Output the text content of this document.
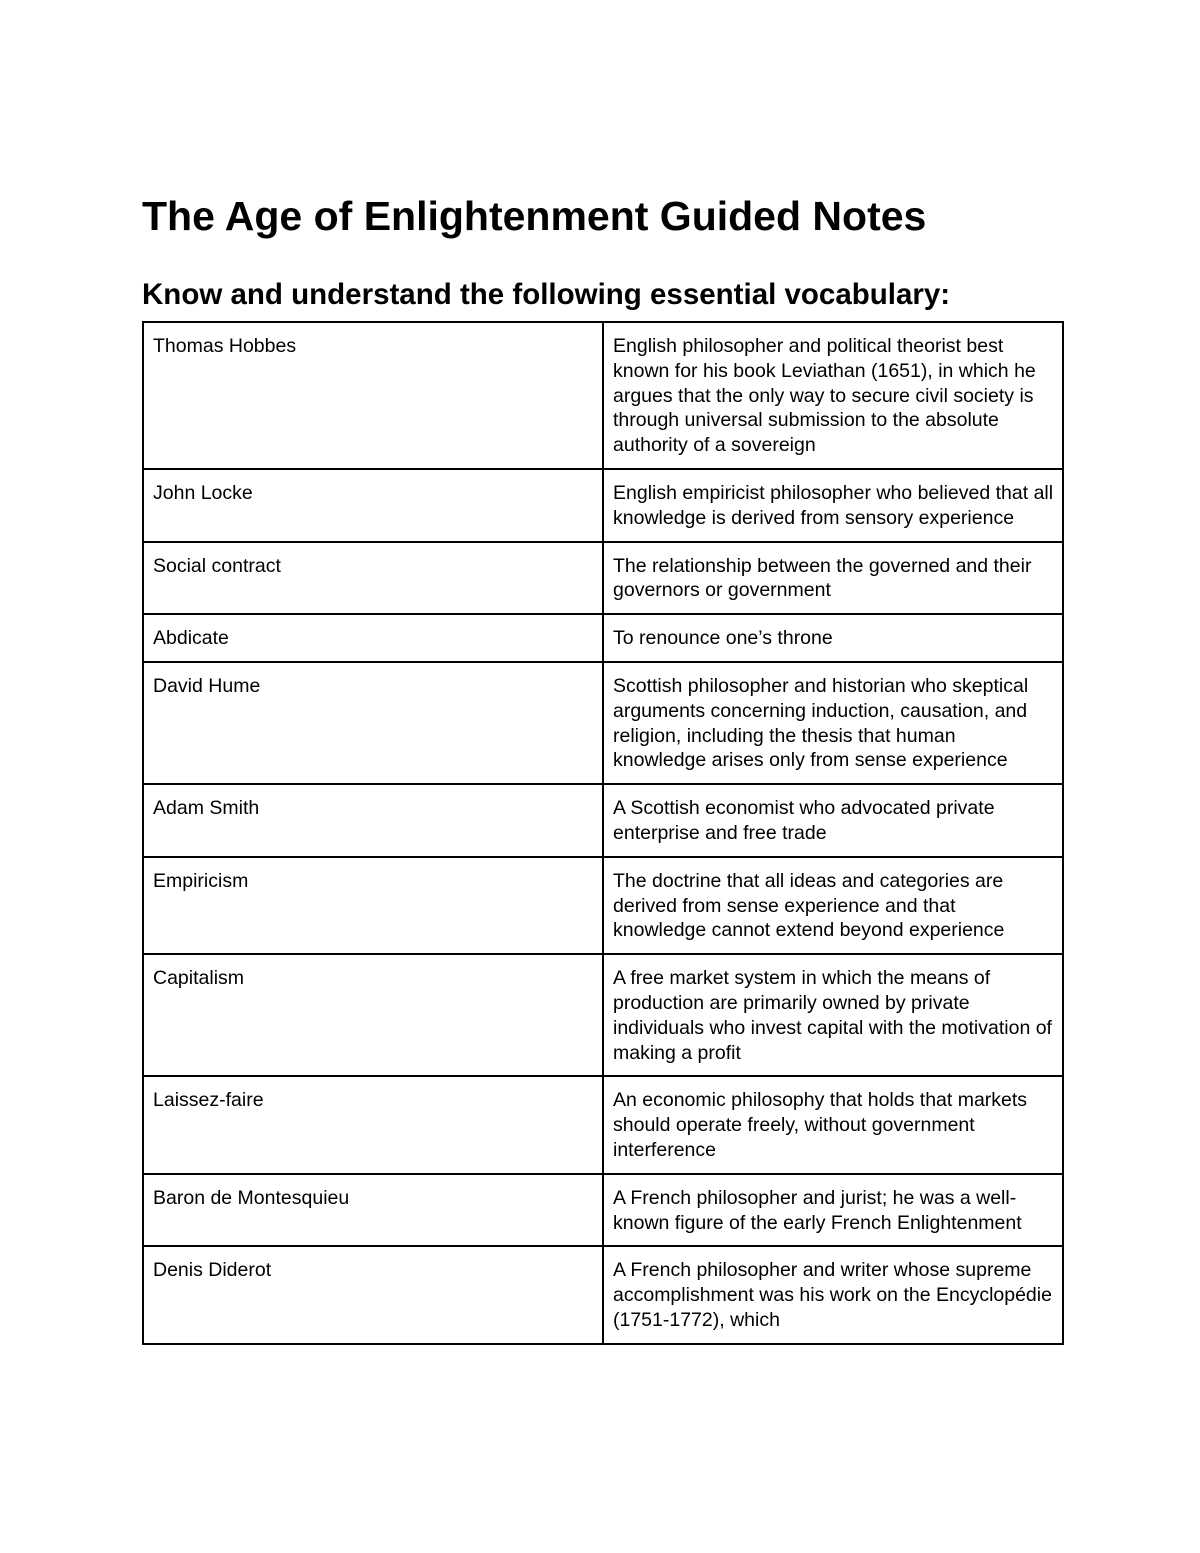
The Age of Enlightenment Guided Notes
Know and understand the following essential vocabulary:
Thomas Hobbes	English philosopher and political theorist best known for his book Leviathan (1651), in which he argues that the only way to secure civil society is through universal submission to the absolute authority of a sovereign
John Locke	English empiricist philosopher who believed that all knowledge is derived from sensory experience
Social contract	The relationship between the governed and their governors or government
Abdicate	To renounce one’s throne
David Hume	Scottish philosopher and historian who skeptical arguments concerning induction, causation, and religion, including the thesis that human knowledge arises only from sense experience
Adam Smith	A Scottish economist who advocated private enterprise and free trade
Empiricism	The doctrine that all ideas and categories are derived from sense experience and that knowledge cannot extend beyond experience
Capitalism	A free market system in which the means of production are primarily owned by private individuals who invest capital with the motivation of making a profit
Laissez-faire	An economic philosophy that holds that markets should operate freely, without government interference
Baron de Montesquieu	A French philosopher and jurist; he was a well-known figure of the early French Enlightenment
Denis Diderot	A French philosopher and writer whose supreme accomplishment was his work on the Encyclopédie (1751-1772), which
